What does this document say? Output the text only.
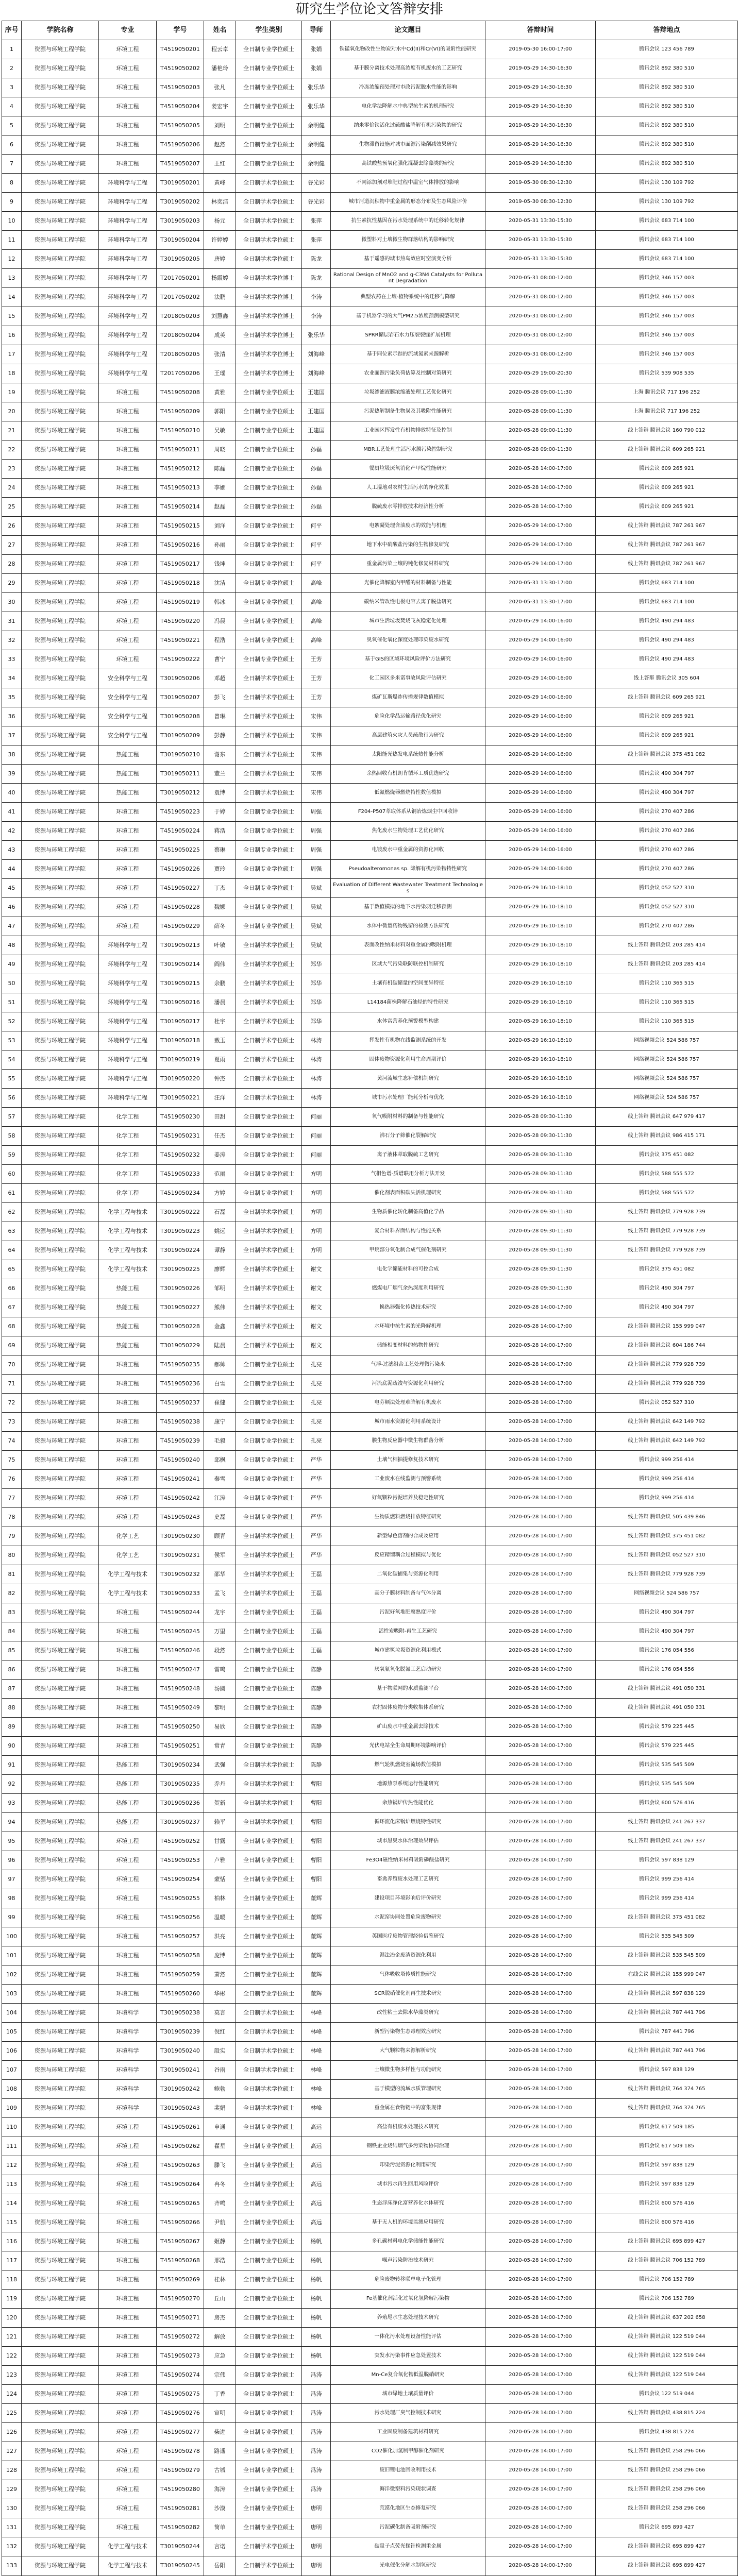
研究生学位论文答辩安排
序号	学院名称	专业	学号	姓名	学生类别	导师	论文题目	答辩时间	答辩地点
1	资源与环境工程学院	环境工程	T4519050201	程云卓	全日制专业学位硕士	张娟	铁锰氧化物改性生物炭对水中Cd(II)和Cr(VI)的吸附性能研究	2019-05-30 16:00-17:00	腾讯会议 123 456 789
2	资源与环境工程学院	环境工程	T4519050202	潘艳玲	全日制专业学位硕士	张娟	基于膜分离技术处理高浓度有机废水的工艺研究	2019-05-29 14:30-16:30	腾讯会议 892 380 510
3	资源与环境工程学院	环境工程	T4519050203	张凡	全日制专业学位硕士	张乐华	冷冻浓缩预处理对市政污泥脱水性能的影响	2019-05-29 14:30-16:30	腾讯会议 892 380 510
4	资源与环境工程学院	环境工程	T4519050204	姜宏宇	全日制专业学位硕士	张乐华	电化学法降解水中典型抗生素的机理研究	2019-05-29 14:30-16:30	腾讯会议 892 380 510
5	资源与环境工程学院	环境工程	T4519050205	刘明	全日制专业学位硕士	余明健	纳米零价铁活化过硫酸盐降解有机污染物的研究	2019-05-29 14:30-16:30	腾讯会议 892 380 510
6	资源与环境工程学院	环境工程	T4519050206	赵然	全日制专业学位硕士	余明健	生物滞留设施对城市面源污染削减效果研究	2019-05-29 14:30-16:30	腾讯会议 892 380 510
7	资源与环境工程学院	环境工程	T4519050207	王红	全日制专业学位硕士	余明健	高铁酸盐预氧化强化混凝去除藻类的研究	2019-05-29 14:30-16:30	腾讯会议 892 380 510
8	资源与环境工程学院	环境科学与工程	T3019050201	黄峰	全日制学术学位硕士	谷光彩	不同添加剂对堆肥过程中温室气体排放的影响	2019-05-30 08:30-12:30	腾讯会议 130 109 792
9	资源与环境工程学院	环境科学与工程	T3019050202	林奕洁	全日制学术学位硕士	谷光彩	城市河道沉积物中重金属的形态分布及生态风险评价	2019-05-30 08:30-12:30	腾讯会议 130 109 792
10	资源与环境工程学院	环境科学与工程	T3019050203	杨元	全日制学术学位硕士	张萍	抗生素抗性基因在污水处理系统中的迁移转化规律	2020-05-31 13:30-15:30	腾讯会议 683 714 100
11	资源与环境工程学院	环境科学与工程	T3019050204	许婷婷	全日制学术学位硕士	张萍	微塑料对土壤微生物群落结构的影响研究	2020-05-31 13:30-15:30	腾讯会议 683 714 100
12	资源与环境工程学院	环境科学与工程	T3019050205	唐婷	全日制学术学位硕士	陈龙	基于遥感的城市热岛效应时空演变分析	2020-05-31 13:30-15:30	腾讯会议 683 714 100
13	资源与环境工程学院	环境科学与工程	T2017050201	杨霞婷	全日制学术学位博士	陈龙	Rational Design of MnO2 and g-C3N4 Catalysts for Pollutant Degradation	2020-05-31 08:00-12:00	腾讯会议 346 157 003
14	资源与环境工程学院	环境科学与工程	T2017050202	法鹏	全日制学术学位博士	李涛	典型农药在土壤-植物系统中的迁移与降解	2020-05-31 08:00-12:00	腾讯会议 346 157 003
15	资源与环境工程学院	环境科学与工程	T2018050203	刘慧鑫	全日制学术学位博士	李涛	基于机器学习的大气PM2.5浓度预测模型研究	2020-05-31 08:00-12:00	腾讯会议 346 157 003
16	资源与环境工程学院	环境科学与工程	T2018050204	成英	全日制学术学位博士	张乐华	SPRR储层岩石水力压裂裂缝扩展机理	2020-05-31 08:00-12:00	腾讯会议 346 157 003
17	资源与环境工程学院	环境科学与工程	T2018050205	张清	全日制学术学位博士	刘海峰	基于同位素示踪的流域氮素来源解析	2020-05-31 08:00-12:00	腾讯会议 346 157 003
18	资源与环境工程学院	环境科学与工程	T2017050206	王瑶	全日制学术学位博士	刘海峰	农业面源污染负荷估算及控制对策研究	2020-05-29 19:00-20:30	腾讯会议 539 908 535
19	资源与环境工程学院	环境工程	T4519050208	黄雅	全日制专业学位硕士	王建国	垃圾渗滤液膜浓缩液处理工艺优化研究	2020-05-28 09:00-11:30	上海 腾讯会议 717 196 252
20	资源与环境工程学院	环境工程	T4519050209	郭阳	全日制专业学位硕士	王建国	污泥热解制备生物炭及其吸附性能研究	2020-05-28 09:00-11:30	上海 腾讯会议 717 196 252
21	资源与环境工程学院	环境工程	T4519050210	吴敏	全日制专业学位硕士	王建国	工业园区挥发性有机物排放特征及控制	2020-05-28 09:00-11:30	线上答辩 腾讯会议 160 790 012
22	资源与环境工程学院	环境工程	T4519050211	周晓	全日制专业学位硕士	孙磊	MBR工艺处理生活污水膜污染控制研究	2020-05-28 09:00-11:30	线上答辩 腾讯会议 609 265 921
23	资源与环境工程学院	环境工程	T4519050212	陈磊	全日制专业学位硕士	孙磊	餐厨垃圾厌氧消化产甲烷性能研究	2020-05-28 14:00-17:00	腾讯会议 609 265 921
24	资源与环境工程学院	环境工程	T4519050213	李娜	全日制专业学位硕士	孙磊	人工湿地对农村生活污水的净化效果	2020-05-28 14:00-17:00	腾讯会议 609 265 921
25	资源与环境工程学院	环境工程	T4519050214	赵磊	全日制专业学位硕士	孙磊	脱硫废水零排放技术经济性分析	2020-05-28 14:00-17:00	腾讯会议 609 265 921
26	资源与环境工程学院	环境工程	T4519050215	刘洋	全日制专业学位硕士	何平	电絮凝处理含油废水的效能与机理	2020-05-29 14:00-17:00	线上答辩 腾讯会议 787 261 967
27	资源与环境工程学院	环境工程	T4519050216	孙丽	全日制专业学位硕士	何平	地下水中硝酸盐污染的生物修复研究	2020-05-29 14:00-17:00	线上答辩 腾讯会议 787 261 967
28	资源与环境工程学院	环境工程	T4519050217	钱坤	全日制专业学位硕士	何平	重金属污染土壤的钝化修复材料研究	2020-05-29 14:00-17:00	线上答辩 腾讯会议 787 261 967
29	资源与环境工程学院	环境工程	T4519050218	沈洁	全日制专业学位硕士	高峰	光催化降解室内甲醛的材料制备与性能	2020-05-31 13:30-17:00	腾讯会议 683 714 100
30	资源与环境工程学院	环境工程	T4519050219	韩冰	全日制专业学位硕士	高峰	碳纳米管改性电极电容去离子脱盐研究	2020-05-31 13:30-17:00	腾讯会议 683 714 100
31	资源与环境工程学院	环境工程	T4519050220	冯晨	全日制专业学位硕士	高峰	城市生活垃圾焚烧飞灰稳定化处理	2020-05-29 14:00-16:00	腾讯会议 490 294 483
32	资源与环境工程学院	环境工程	T4519050221	程浩	全日制专业学位硕士	高峰	臭氧催化氧化深度处理印染废水研究	2020-05-29 14:00-16:00	腾讯会议 490 294 483
33	资源与环境工程学院	环境工程	T4519050222	曹宁	全日制专业学位硕士	王芳	基于GIS的区域环境风险评价方法研究	2020-05-29 14:00-16:00	腾讯会议 490 294 483
34	资源与环境工程学院	安全科学与工程	T3019050206	邓超	全日制学术学位硕士	王芳	化工园区多米诺事故风险评估研究	2020-05-29 14:00-16:00	线上答辩 腾讯会议 305 604
35	资源与环境工程学院	安全科学与工程	T3019050207	彭飞	全日制学术学位硕士	王芳	煤矿瓦斯爆炸传播规律数值模拟	2020-05-29 14:00-16:00	线上答辩 腾讯会议 609 265 921
36	资源与环境工程学院	安全科学与工程	T3019050208	曾琳	全日制学术学位硕士	宋伟	危险化学品运输路径优化研究	2020-05-29 14:00-16:00	腾讯会议 609 265 921
37	资源与环境工程学院	安全科学与工程	T3019050209	彭静	全日制学术学位硕士	宋伟	高层建筑火灾人员疏散行为研究	2020-05-29 14:00-16:00	腾讯会议 609 265 921
38	资源与环境工程学院	热能工程	T3019050210	谢东	全日制学术学位硕士	宋伟	太阳能光热发电系统热性能分析	2020-05-29 14:00-16:00	线上答辩 腾讯会议 375 451 082
39	资源与环境工程学院	热能工程	T3019050211	董兰	全日制学术学位硕士	宋伟	余热回收有机朗肯循环工质优选研究	2020-05-29 14:00-16:00	腾讯会议 490 304 797
40	资源与环境工程学院	热能工程	T3019050212	袁博	全日制学术学位硕士	宋伟	低氮燃烧器燃烧特性数值模拟	2020-05-29 14:00-16:00	腾讯会议 490 304 797
41	资源与环境工程学院	环境工程	T4519050223	于婷	全日制专业学位硕士	周强	F204-P507萃取体系从铜冶炼烟尘中回收锌	2020-05-29 14:00-16:00	腾讯会议 270 407 286
42	资源与环境工程学院	环境工程	T4519050224	蒋浩	全日制专业学位硕士	周强	焦化废水生物处理工艺优化研究	2020-05-29 14:00-16:00	腾讯会议 270 407 286
43	资源与环境工程学院	环境工程	T4519050225	蔡琳	全日制专业学位硕士	周强	电镀废水中重金属的资源化回收	2020-05-29 14:00-16:00	腾讯会议 270 407 286
44	资源与环境工程学院	环境工程	T4519050226	贾玲	全日制专业学位硕士	周强	Pseudoalteromonas sp. 降解有机污染物特性研究	2020-05-29 14:00-16:00	腾讯会议 270 407 286
45	资源与环境工程学院	环境工程	T4519050227	丁杰	全日制专业学位硕士	吴斌	Evaluation of Different Wastewater Treatment Technologies	2020-05-29 16:10-18:10	腾讯会议 052 527 310
46	资源与环境工程学院	环境工程	T4519050228	魏娜	全日制专业学位硕士	吴斌	基于数值模拟的地下水污染羽迁移预测	2020-05-29 16:10-18:10	腾讯会议 052 527 310
47	资源与环境工程学院	环境工程	T4519050229	薛冬	全日制专业学位硕士	吴斌	水体中微量药物残留的检测方法研究	2020-05-29 16:10-18:10	腾讯会议 270 407 286
48	资源与环境工程学院	环境科学与工程	T3019050213	叶敏	全日制学术学位硕士	吴斌	表面改性纳米材料对重金属的吸附机理	2020-05-29 16:10-18:10	线上答辩 腾讯会议 203 285 414
49	资源与环境工程学院	环境科学与工程	T3019050214	阎伟	全日制学术学位硕士	郑华	区域大气污染联防联控机制研究	2020-05-29 16:10-18:10	线上答辩 腾讯会议 203 285 414
50	资源与环境工程学院	环境科学与工程	T3019050215	余鹏	全日制学术学位硕士	郑华	土壤有机碳储量的空间变异特征	2020-05-29 16:10-18:10	腾讯会议 110 365 515
51	资源与环境工程学院	环境科学与工程	T3019050216	潘晨	全日制学术学位硕士	郑华	L14184菌株降解石油烃的特性研究	2020-05-29 16:10-18:10	腾讯会议 110 365 515
52	资源与环境工程学院	环境科学与工程	T3019050217	杜宇	全日制学术学位硕士	郑华	水体富营养化预警模型构建	2020-05-29 16:10-18:10	腾讯会议 110 365 515
53	资源与环境工程学院	环境科学与工程	T3019050218	戴玉	全日制学术学位硕士	林涛	挥发性有机物在线监测系统的开发	2020-05-29 16:10-18:10	网络视频会议 524 586 757
54	资源与环境工程学院	环境科学与工程	T3019050219	夏雨	全日制学术学位硕士	林涛	固体废物资源化利用生命周期评价	2020-05-29 16:10-18:10	网络视频会议 524 586 757
55	资源与环境工程学院	环境科学与工程	T3019050220	钟杰	全日制学术学位硕士	林涛	黄河流域生态补偿机制研究	2020-05-29 16:10-18:10	网络视频会议 524 586 757
56	资源与环境工程学院	环境科学与工程	T3019050221	汪洋	全日制学术学位硕士	林涛	城市污水处理厂能耗分析与优化	2020-05-29 16:10-18:10	网络视频会议 524 586 757
57	资源与环境工程学院	化学工程	T4519050230	田甜	全日制专业学位硕士	何丽	氧气吸附材料的制备与性能研究	2020-05-28 09:30-11:30	线上答辩 腾讯会议 647 979 417
58	资源与环境工程学院	化学工程	T4519050231	任杰	全日制专业学位硕士	何丽	沸石分子筛催化裂解研究	2020-05-28 09:30-11:30	线上答辩 腾讯会议 986 415 171
59	资源与环境工程学院	化学工程	T4519050232	姜涛	全日制专业学位硕士	何丽	离子液体萃取脱硫工艺研究	2020-05-28 09:30-11:30	腾讯会议 375 451 082
60	资源与环境工程学院	化学工程	T4519050233	范丽	全日制专业学位硕士	方明	气相色谱-质谱联用分析方法开发	2020-05-28 09:30-11:30	腾讯会议 588 555 572
61	资源与环境工程学院	化学工程	T4519050234	方婷	全日制专业学位硕士	方明	催化剂表面积碳失活机理研究	2020-05-28 09:30-11:30	腾讯会议 588 555 572
62	资源与环境工程学院	化学工程与技术	T3019050222	石磊	全日制学术学位硕士	方明	生物质催化转化制备高值化学品	2020-05-28 09:30-11:30	线上答辩 腾讯会议 779 928 739
63	资源与环境工程学院	化学工程与技术	T3019050223	姚远	全日制学术学位硕士	方明	复合材料界面结构与性能关系	2020-05-28 09:30-11:30	线上答辩 腾讯会议 779 928 739
64	资源与环境工程学院	化学工程与技术	T3019050224	谭静	全日制学术学位硕士	方明	甲烷部分氧化制合成气催化剂研究	2020-05-28 09:30-11:30	线上答辩 腾讯会议 779 928 739
65	资源与环境工程学院	化学工程与技术	T3019050225	廖辉	全日制学术学位硕士	谢文	电化学储能材料的可控合成	2020-05-28 09:30-11:30	腾讯会议 375 451 082
66	资源与环境工程学院	热能工程	T3019050226	邹明	全日制学术学位硕士	谢文	燃煤电厂烟气余热深度利用研究	2020-05-28 09:30-11:30	腾讯会议 490 304 797
67	资源与环境工程学院	热能工程	T3019050227	熊伟	全日制学术学位硕士	谢文	换热器强化传热技术研究	2020-05-28 14:00-17:00	腾讯会议 490 304 797
68	资源与环境工程学院	热能工程	T3019050228	金鑫	全日制学术学位硕士	谢文	水环境中抗生素的光降解机理	2020-05-28 14:00-17:00	线上答辩 腾讯会议 155 999 047
69	资源与环境工程学院	热能工程	T3019050229	陆晨	全日制学术学位硕士	谢文	储能相变材料的热物性研究	2020-05-28 14:00-17:00	线上答辩 腾讯会议 604 186 744
70	资源与环境工程学院	环境工程	T4519050235	郝帅	全日制专业学位硕士	孔亮	气浮-过滤组合工艺处理微污染水	2020-05-28 14:00-17:00	线上答辩 腾讯会议 779 928 739
71	资源与环境工程学院	环境工程	T4519050236	白雪	全日制专业学位硕士	孔亮	河流底泥疏浚与资源化利用研究	2020-05-28 14:00-17:00	线上答辩 腾讯会议 779 928 739
72	资源与环境工程学院	环境工程	T4519050237	崔健	全日制专业学位硕士	孔亮	电芬顿法处理难降解有机废水	2020-05-28 14:00-17:00	腾讯会议 052 527 310
73	资源与环境工程学院	环境工程	T4519050238	康宁	全日制专业学位硕士	孔亮	城市雨水资源化利用系统设计	2020-05-28 14:00-17:00	线上答辩 腾讯会议 642 149 792
74	资源与环境工程学院	环境工程	T4519050239	毛毅	全日制专业学位硕士	孔亮	膜生物反应器中微生物群落分析	2020-05-28 14:00-17:00	线上答辩 腾讯会议 642 149 792
75	资源与环境工程学院	环境工程	T4519050240	邱枫	全日制专业学位硕士	严华	土壤气相抽提修复技术研究	2020-05-28 14:00-17:00	腾讯会议 999 256 414
76	资源与环境工程学院	环境工程	T4519050241	秦雪	全日制专业学位硕士	严华	工业废水在线监测与预警系统	2020-05-28 14:00-17:00	腾讯会议 999 256 414
77	资源与环境工程学院	环境工程	T4519050242	江涛	全日制专业学位硕士	严华	好氧颗粒污泥培养及稳定性研究	2020-05-28 14:00-17:00	腾讯会议 999 256 414
78	资源与环境工程学院	环境工程	T4519050243	史磊	全日制专业学位硕士	严华	生物质燃料燃烧排放特征研究	2020-05-28 14:00-17:00	线上答辩 腾讯会议 505 439 846
79	资源与环境工程学院	化学工艺	T3019050230	顾青	全日制学术学位硕士	严华	新型绿色溶剂的合成及应用	2020-05-28 14:00-17:00	线上答辩 腾讯会议 375 451 082
80	资源与环境工程学院	化学工艺	T3019050231	侯军	全日制学术学位硕士	严华	反应精馏耦合过程模拟与优化	2020-05-28 14:00-17:00	线上答辩 腾讯会议 052 527 310
81	资源与环境工程学院	化学工程与技术	T3019050232	邵华	全日制学术学位硕士	王磊	二氧化碳捕集与资源化利用	2020-05-28 14:00-17:00	线上答辩 腾讯会议 779 928 739
82	资源与环境工程学院	化学工程与技术	T3019050233	孟飞	全日制学术学位硕士	王磊	高分子膜材料制备与气体分离	2020-05-28 14:00-17:00	网络视频会议 524 586 757
83	资源与环境工程学院	环境工程	T4519050244	龙宇	全日制专业学位硕士	王磊	污泥好氧堆肥腐熟度评价	2020-05-28 14:00-17:00	腾讯会议 490 304 797
84	资源与环境工程学院	环境工程	T4519050245	万里	全日制专业学位硕士	王磊	活性炭吸附-再生工艺研究	2020-05-28 14:00-17:00	腾讯会议 490 304 797
85	资源与环境工程学院	环境工程	T4519050246	段然	全日制专业学位硕士	王磊	城市建筑垃圾资源化利用模式	2020-05-28 14:00-17:00	腾讯会议 176 054 556
86	资源与环境工程学院	环境工程	T4519050247	雷鸣	全日制专业学位硕士	陈静	厌氧氨氧化脱氮工艺启动研究	2020-05-28 14:00-17:00	腾讯会议 176 054 556
87	资源与环境工程学院	环境工程	T4519050248	汤圆	全日制专业学位硕士	陈静	基于物联网的水质监测平台	2020-05-28 14:00-17:00	线上答辩 腾讯会议 491 050 331
88	资源与环境工程学院	环境工程	T4519050249	黎明	全日制专业学位硕士	陈静	农村固体废物分类收集体系研究	2020-05-28 14:00-17:00	线上答辩 腾讯会议 491 050 331
89	资源与环境工程学院	环境工程	T4519050250	易欣	全日制专业学位硕士	陈静	矿山废水中重金属去除技术	2020-05-28 14:00-17:00	腾讯会议 579 225 445
90	资源与环境工程学院	环境工程	T4519050251	常青	全日制专业学位硕士	陈静	光伏电站全生命周期环境影响评价	2020-05-28 14:00-17:00	腾讯会议 579 225 445
91	资源与环境工程学院	热能工程	T3019050234	武强	全日制学术学位硕士	陈静	燃气轮机燃烧室流场数值模拟	2020-05-28 14:00-17:00	腾讯会议 535 545 509
92	资源与环境工程学院	热能工程	T3019050235	乔丹	全日制学术学位硕士	曹阳	地源热泵系统运行性能研究	2020-05-28 14:00-17:00	腾讯会议 535 545 509
93	资源与环境工程学院	热能工程	T3019050236	贺新	全日制学术学位硕士	曹阳	余热锅炉传热性能优化	2020-05-28 14:00-17:00	腾讯会议 600 576 416
94	资源与环境工程学院	热能工程	T3019050237	赖平	全日制学术学位硕士	曹阳	循环流化床锅炉燃烧特性研究	2020-05-28 14:00-17:00	线上答辩 腾讯会议 241 267 337
95	资源与环境工程学院	环境工程	T4519050252	甘露	全日制专业学位硕士	曹阳	城市黑臭水体治理效果评估	2020-05-28 14:00-17:00	线上答辩 腾讯会议 241 267 337
96	资源与环境工程学院	环境工程	T4519050253	卢雅	全日制专业学位硕士	曹阳	Fe3O4磁性纳米材料吸附磷酸盐研究	2020-05-28 14:00-17:00	腾讯会议 597 838 129
97	资源与环境工程学院	环境工程	T4519050254	蒙恬	全日制专业学位硕士	曹阳	畜禽养殖废水处理工艺研究	2020-05-28 14:00-17:00	腾讯会议 999 256 414
98	资源与环境工程学院	环境工程	T4519050255	柏林	全日制专业学位硕士	董辉	建设项目环境影响后评价研究	2020-05-28 14:00-17:00	腾讯会议 999 256 414
99	资源与环境工程学院	环境工程	T4519050256	温暖	全日制专业学位硕士	董辉	水泥窑协同处置危险废物研究	2020-05-28 14:00-17:00	线上答辩 腾讯会议 375 451 082
100	资源与环境工程学院	环境工程	T4519050257	洪亮	全日制专业学位硕士	董辉	英国医疗废物管理经验借鉴研究	2020-05-28 14:00-17:00	腾讯会议 535 545 509
101	资源与环境工程学院	环境工程	T4519050258	庞博	全日制专业学位硕士	董辉	湿法冶金废渣资源化利用	2020-05-28 14:00-17:00	线上答辩 腾讯会议 535 545 509
102	资源与环境工程学院	环境工程	T4519050259	萧然	全日制专业学位硕士	董辉	气体吸收塔传质性能研究	2020-05-28 14:00-17:00	在线会议 腾讯会议 155 999 047
103	资源与环境工程学院	环境工程	T4519050260	华彬	全日制专业学位硕士	董辉	SCR脱硝催化剂再生技术研究	2020-05-28 14:00-17:00	线上答辩 腾讯会议 597 838 129
104	资源与环境工程学院	环境科学	T3019050238	莫言	全日制学术学位硕士	林峰	改性粘土去除水华藻类研究	2020-05-28 14:00-17:00	线上答辩 腾讯会议 787 441 796
105	资源与环境工程学院	环境科学	T3019050239	倪红	全日制学术学位硕士	林峰	新型污染物生态毒理效应研究	2020-05-28 14:00-17:00	腾讯会议 787 441 796
106	资源与环境工程学院	环境科学	T3019050240	殷实	全日制学术学位硕士	林峰	大气颗粒物来源解析研究	2020-05-28 14:00-17:00	线上答辩 腾讯会议 787 441 796
107	资源与环境工程学院	环境科学	T3019050241	谷雨	全日制学术学位硕士	林峰	土壤微生物多样性与功能研究	2020-05-28 14:00-17:00	腾讯会议 597 838 129
108	资源与环境工程学院	环境科学	T3019050242	鲍勃	全日制学术学位硕士	林峰	基于模型的流域水质管理研究	2020-05-28 14:00-17:00	线上答辩 腾讯会议 764 374 765
109	资源与环境工程学院	环境科学	T3019050243	裴娟	全日制学术学位硕士	林峰	重金属在食物链中的富集规律	2020-05-28 14:00-17:00	线上答辩 腾讯会议 764 374 765
110	资源与环境工程学院	环境工程	T4519050261	申通	全日制专业学位硕士	高远	高盐有机废水处理技术研究	2020-05-28 14:00-17:00	腾讯会议 617 509 185
111	资源与环境工程学院	环境工程	T4519050262	翟星	全日制专业学位硕士	高远	钢铁企业烧结烟气多污染物协同治理	2020-05-28 14:00-17:00	腾讯会议 617 509 185
112	资源与环境工程学院	环境工程	T4519050263	滕飞	全日制专业学位硕士	高远	印染污泥资源化利用研究	2020-05-28 14:00-17:00	腾讯会议 597 838 129
113	资源与环境工程学院	环境工程	T4519050264	冉冬	全日制专业学位硕士	高远	城市污水再生回用风险评价	2020-05-28 14:00-17:00	腾讯会议 597 838 129
114	资源与环境工程学院	环境工程	T4519050265	齐鸣	全日制专业学位硕士	高远	生态浮床净化富营养化水体研究	2020-05-28 14:00-17:00	腾讯会议 600 576 416
115	资源与环境工程学院	环境工程	T4519050266	尹航	全日制专业学位硕士	高远	基于无人机的环境监测应用研究	2020-05-28 14:00-17:00	腾讯会议 600 576 416
116	资源与环境工程学院	环境工程	T4519050267	姬静	全日制专业学位硕士	杨帆	多孔碳材料电化学储能性能研究	2020-05-28 14:00-17:00	线上答辩 腾讯会议 695 899 427
117	资源与环境工程学院	环境工程	T4519050268	邢浩	全日制专业学位硕士	杨帆	噪声污染防治技术研究	2020-05-28 14:00-17:00	线上答辩 腾讯会议 706 152 789
118	资源与环境工程学院	环境工程	T4519050269	桂林	全日制专业学位硕士	杨帆	危险废物转移联单电子化管理	2020-05-28 14:00-17:00	腾讯会议 706 152 789
119	资源与环境工程学院	环境工程	T4519050270	丘山	全日制专业学位硕士	杨帆	Fe基催化剂活化过氧化氢降解污染物	2020-05-28 14:00-17:00	腾讯会议 706 152 789
120	资源与环境工程学院	环境工程	T4519050271	房杰	全日制专业学位硕士	杨帆	养殖尾水生态处理技术研究	2020-05-28 14:00-17:00	线上答辩 腾讯会议 637 202 658
121	资源与环境工程学院	环境工程	T4519050272	解放	全日制专业学位硕士	杨帆	一体化污水处理设备性能评估	2020-05-28 14:00-17:00	线上答辩 腾讯会议 122 519 044
122	资源与环境工程学院	环境工程	T4519050273	应急	全日制专业学位硕士	杨帆	突发水污染事件应急处置技术	2020-05-28 14:00-17:00	线上答辩 腾讯会议 122 519 044
123	资源与环境工程学院	环境工程	T4519050274	宗伟	全日制专业学位硕士	冯涛	Mn-Ce复合氧化物低温脱硝研究	2020-05-28 14:00-17:00	线上答辩 腾讯会议 122 519 044
124	资源与环境工程学院	环境工程	T4519050275	丁香	全日制专业学位硕士	冯涛	城市绿地土壤质量评价	2020-05-28 14:00-17:00	腾讯会议 122 519 044
125	资源与环境工程学院	环境工程	T4519050276	宣明	全日制专业学位硕士	冯涛	污水处理厂臭气控制技术研究	2020-05-28 14:00-17:00	线上答辩 腾讯会议 438 815 224
126	资源与环境工程学院	环境工程	T4519050277	柴进	全日制专业学位硕士	冯涛	工业固废制备建筑材料研究	2020-05-28 14:00-17:00	腾讯会议 438 815 224
127	资源与环境工程学院	环境工程	T4519050278	路遥	全日制专业学位硕士	冯涛	CO2催化加氢制甲醇催化剂研究	2020-05-28 14:00-17:00	线上答辩 腾讯会议 258 296 066
128	资源与环境工程学院	环境工程	T4519050279	古城	全日制专业学位硕士	冯涛	废旧锂电池回收利用技术	2020-05-28 14:00-17:00	线上答辩 腾讯会议 258 296 066
129	资源与环境工程学院	环境工程	T4519050280	海涛	全日制专业学位硕士	冯涛	海洋微塑料污染现状调查	2020-05-28 14:00-17:00	线上答辩 腾讯会议 258 296 066
130	资源与环境工程学院	环境工程	T4519050281	沙漠	全日制专业学位硕士	唐明	荒漠化地区生态修复研究	2020-05-28 14:00-17:00	线上答辩 腾讯会议 258 296 066
131	资源与环境工程学院	环境工程	T4519050282	简单	全日制专业学位硕士	唐明	污泥碳化制备吸附剂研究	2020-05-28 14:00-17:00	腾讯会议 695 899 427
132	资源与环境工程学院	化学工程与技术	T3019050244	言诺	全日制学术学位硕士	唐明	碳量子点荧光探针检测重金属	2020-05-28 14:00-17:00	线上答辩 腾讯会议 695 899 427
133	资源与环境工程学院	化学工程与技术	T3019050245	岳阳	全日制学术学位硕士	唐明	光电催化分解水制氢研究	2020-05-28 14:00-17:00	线上答辩 腾讯会议 695 899 427
